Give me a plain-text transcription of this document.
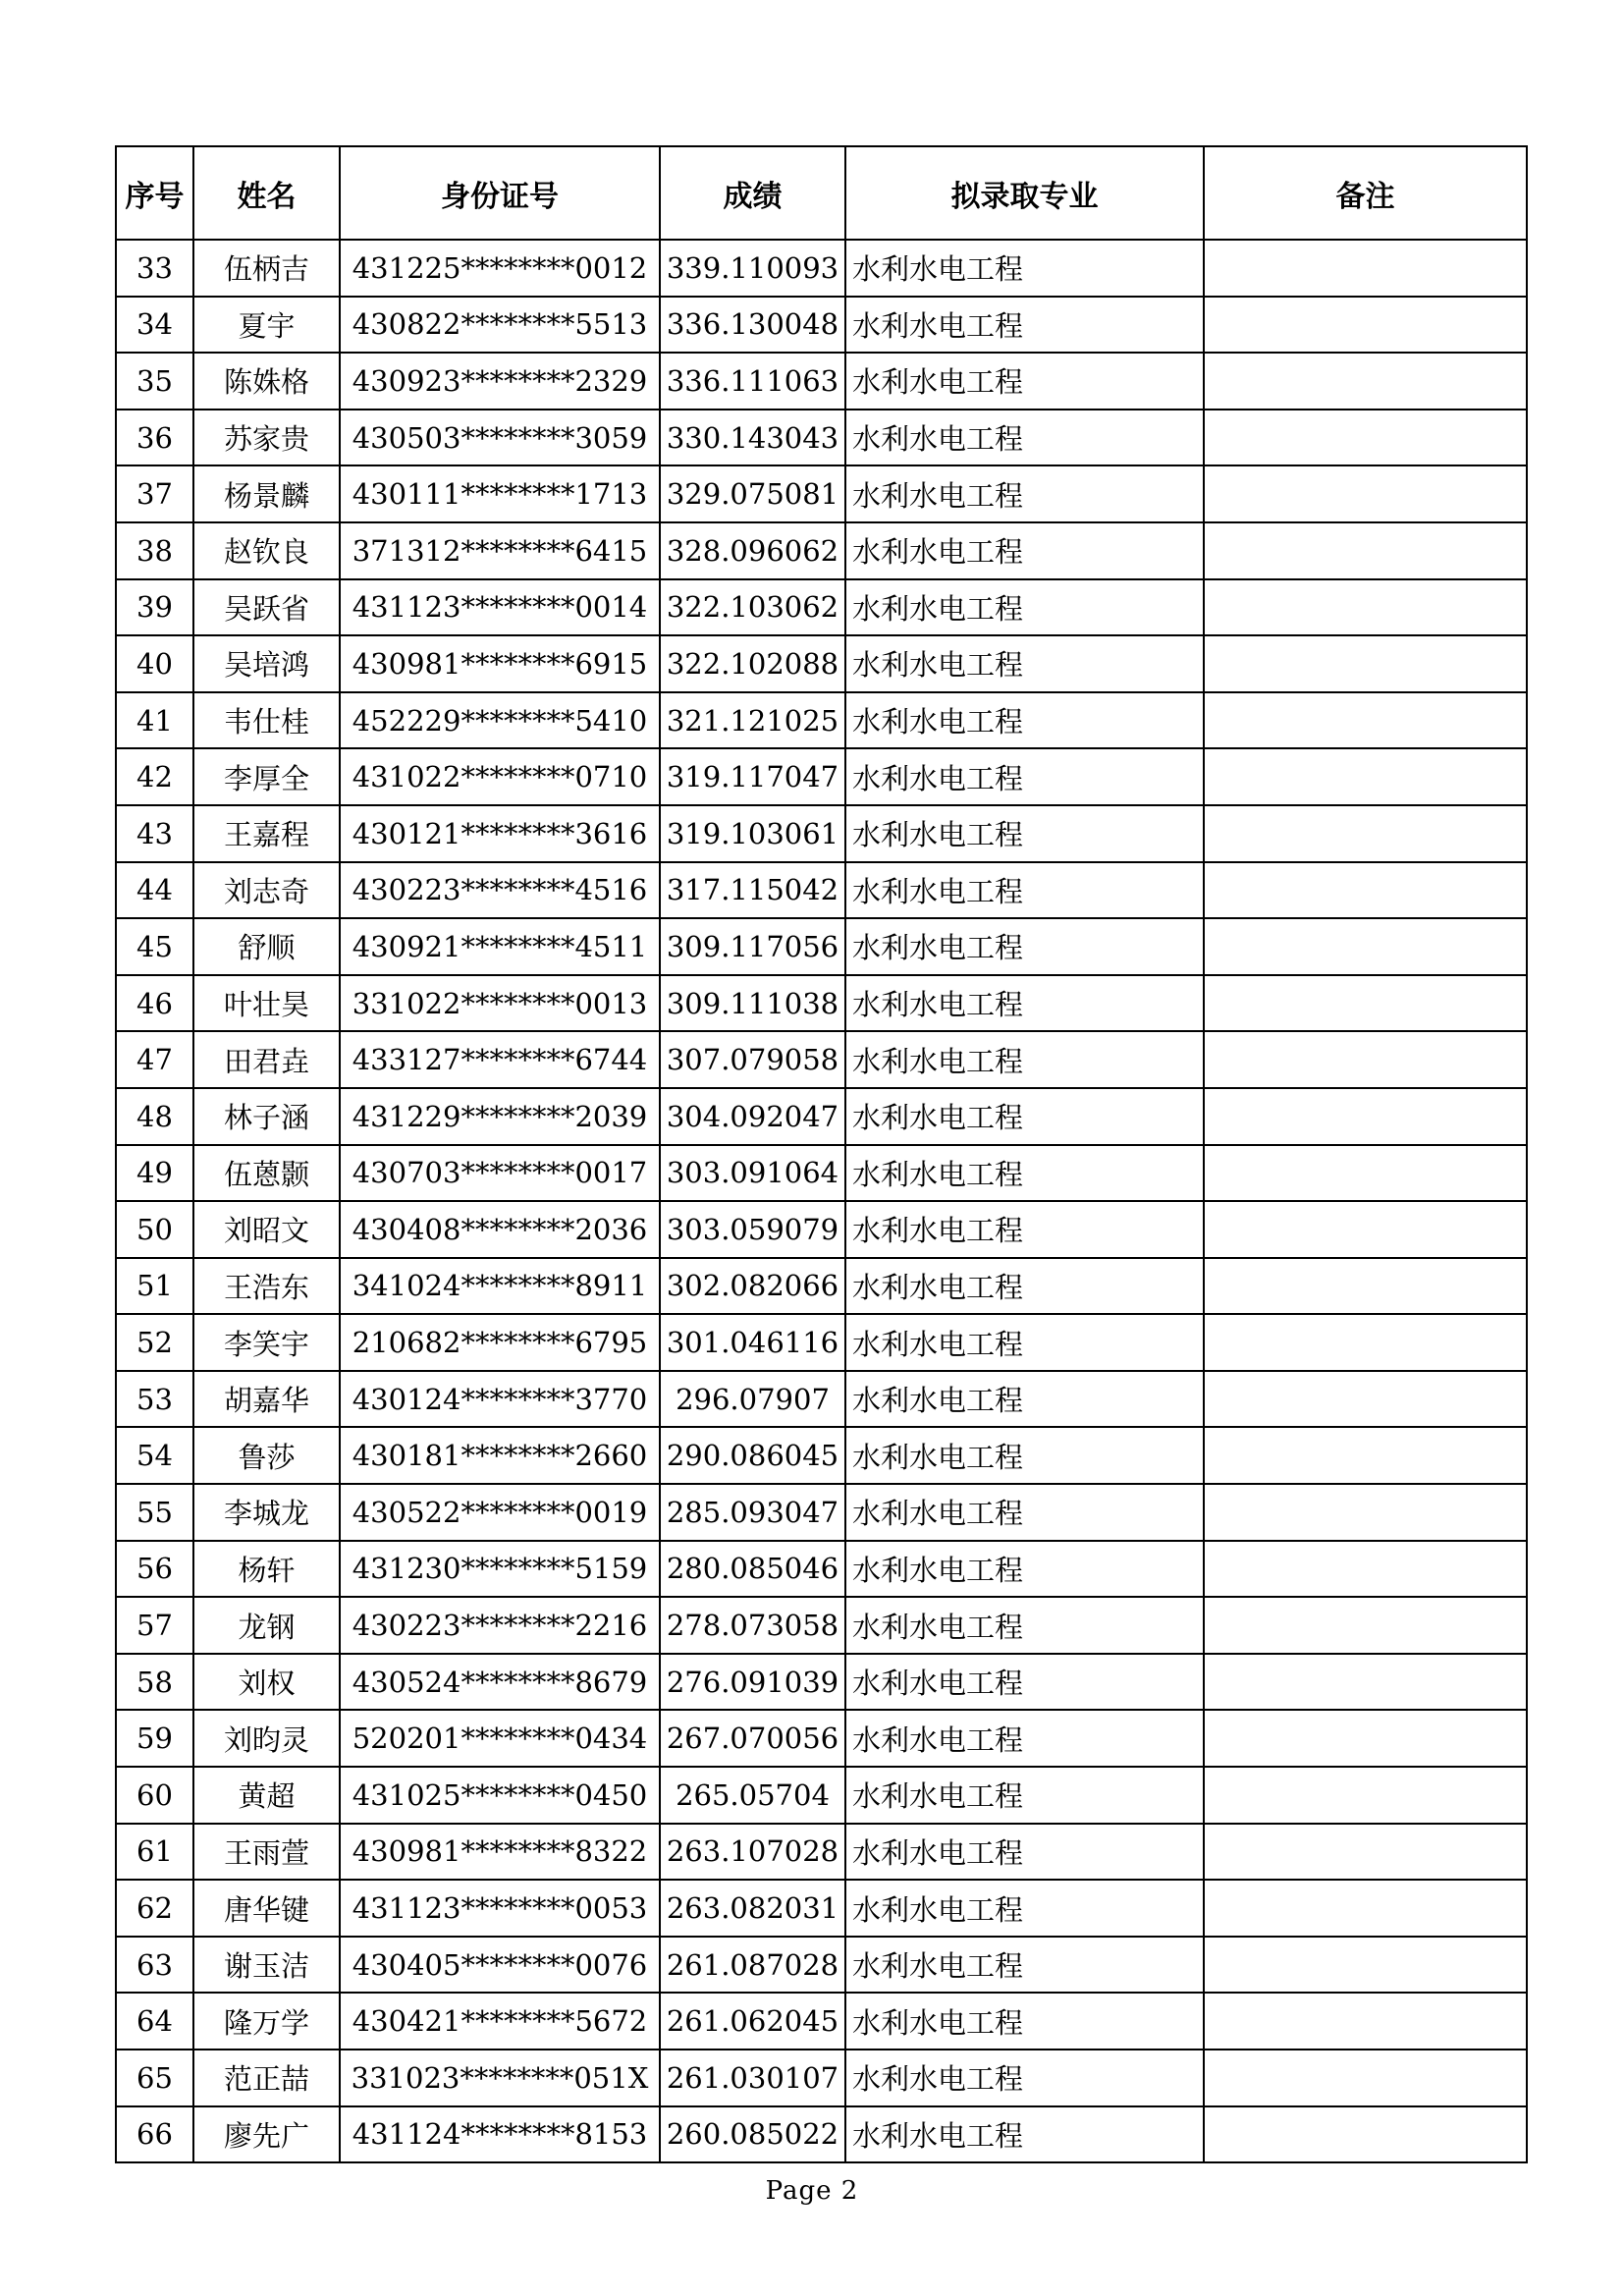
序号	姓名	身份证号	成绩	拟录取专业	备注
33	伍柄吉	431225********0012	339.110093	水利水电工程	
34	夏宇	430822********5513	336.130048	水利水电工程	
35	陈姝格	430923********2329	336.111063	水利水电工程	
36	苏家贵	430503********3059	330.143043	水利水电工程	
37	杨景麟	430111********1713	329.075081	水利水电工程	
38	赵钦良	371312********6415	328.096062	水利水电工程	
39	吴跃省	431123********0014	322.103062	水利水电工程	
40	吴培鸿	430981********6915	322.102088	水利水电工程	
41	韦仕桂	452229********5410	321.121025	水利水电工程	
42	李厚全	431022********0710	319.117047	水利水电工程	
43	王嘉程	430121********3616	319.103061	水利水电工程	
44	刘志奇	430223********4516	317.115042	水利水电工程	
45	舒顺	430921********4511	309.117056	水利水电工程	
46	叶壮昊	331022********0013	309.111038	水利水电工程	
47	田君垚	433127********6744	307.079058	水利水电工程	
48	林子涵	431229********2039	304.092047	水利水电工程	
49	伍蒽颢	430703********0017	303.091064	水利水电工程	
50	刘昭文	430408********2036	303.059079	水利水电工程	
51	王浩东	341024********8911	302.082066	水利水电工程	
52	李笑宇	210682********6795	301.046116	水利水电工程	
53	胡嘉华	430124********3770	296.07907	水利水电工程	
54	鲁莎	430181********2660	290.086045	水利水电工程	
55	李城龙	430522********0019	285.093047	水利水电工程	
56	杨轩	431230********5159	280.085046	水利水电工程	
57	龙钢	430223********2216	278.073058	水利水电工程	
58	刘权	430524********8679	276.091039	水利水电工程	
59	刘昀灵	520201********0434	267.070056	水利水电工程	
60	黄超	431025********0450	265.05704	水利水电工程	
61	王雨萱	430981********8322	263.107028	水利水电工程	
62	唐华键	431123********0053	263.082031	水利水电工程	
63	谢玉洁	430405********0076	261.087028	水利水电工程	
64	隆万学	430421********5672	261.062045	水利水电工程	
65	范正喆	331023********051X	261.030107	水利水电工程	
66	廖先广	431124********8153	260.085022	水利水电工程	
Page 2
